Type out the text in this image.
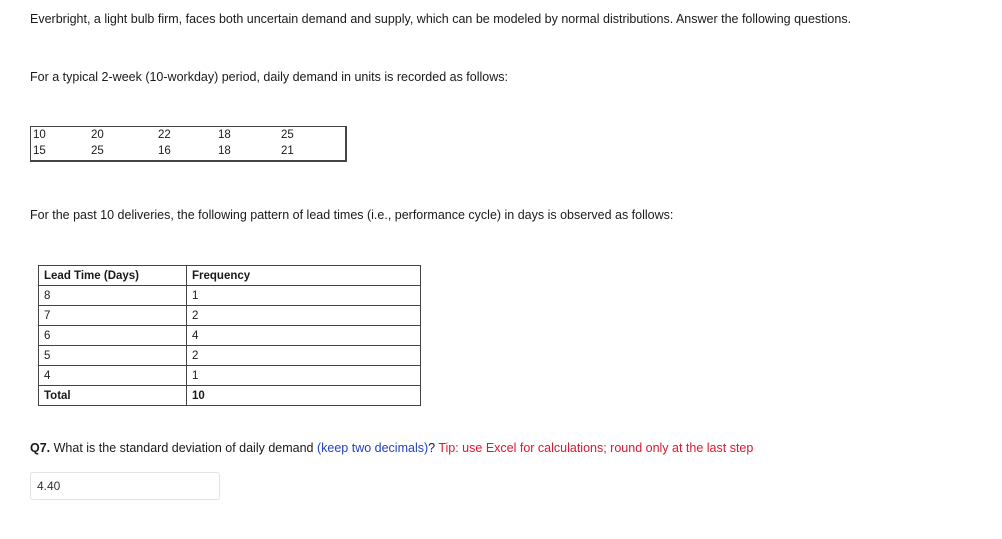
Everbright, a light bulb firm, faces both uncertain demand and supply, which can be modeled by normal distributions. Answer the following questions.
For a typical 2-week (10-workday) period, daily demand in units is recorded as follows:
10	20	22	18	25
15	25	16	18	21
For the past 10 deliveries, the following pattern of lead times (i.e., performance cycle) in days is observed as follows:
Lead Time (Days)	Frequency
8	1
7	2
6	4
5	2
4	1
Total	10
Q7. What is the standard deviation of daily demand (keep two decimals)? Tip: use Excel for calculations; round only at the last step
4.40
